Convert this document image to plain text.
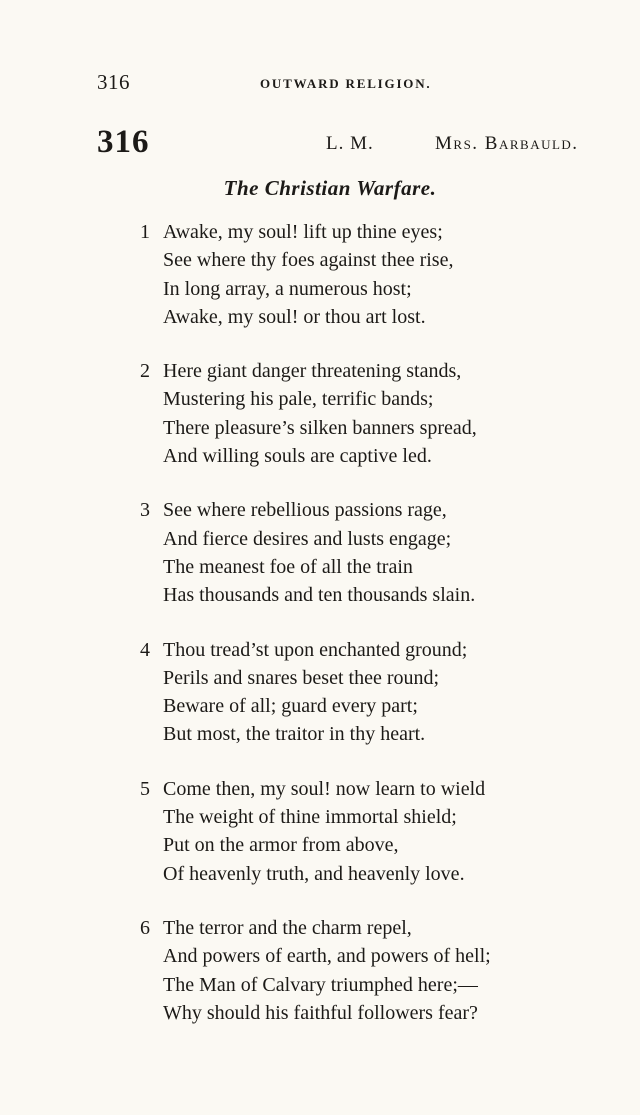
316	OUTWARD RELIGION.
316	L. M.	Mrs. Barbauld.
The Christian Warfare.
1 Awake, my soul! lift up thine eyes;
See where thy foes against thee rise,
In long array, a numerous host;
Awake, my soul! or thou art lost.
2 Here giant danger threatening stands,
Mustering his pale, terrific bands;
There pleasure’s silken banners spread,
And willing souls are captive led.
3 See where rebellious passions rage,
And fierce desires and lusts engage;
The meanest foe of all the train
Has thousands and ten thousands slain.
4 Thou tread’st upon enchanted ground;
Perils and snares beset thee round;
Beware of all; guard every part;
But most, the traitor in thy heart.
5 Come then, my soul! now learn to wield
The weight of thine immortal shield;
Put on the armor from above,
Of heavenly truth, and heavenly love.
6 The terror and the charm repel,
And powers of earth, and powers of hell;
The Man of Calvary triumphed here;—
Why should his faithful followers fear?
